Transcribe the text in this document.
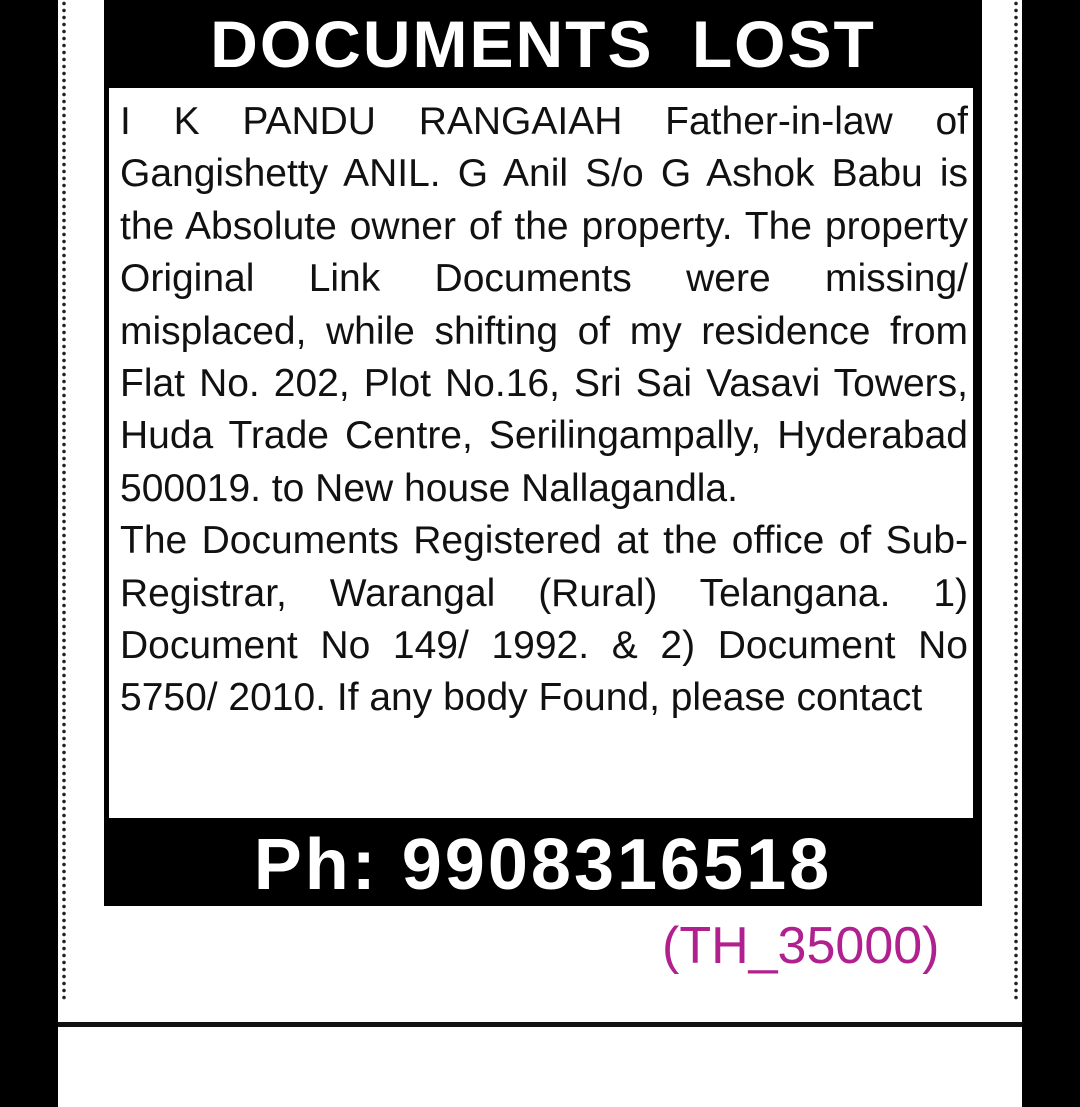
DOCUMENTS LOST

I K PANDU RANGAIAH Father-in-law of Gangishetty ANIL. G Anil S/o G Ashok Babu is the Absolute owner of the property. The property Original Link Documents were missing/ misplaced, while shifting of my residence from Flat No. 202, Plot No.16, Sri Sai Vasavi Towers, Huda Trade Centre, Serilingampally, Hyderabad 500019. to New house Nallagandla.
The Documents Registered at the office of Sub-Registrar, Warangal (Rural) Telangana. 1) Document No 149/ 1992. & 2) Document No 5750/ 2010. If any body Found, please contact

Ph: 9908316518
(TH_35000)
